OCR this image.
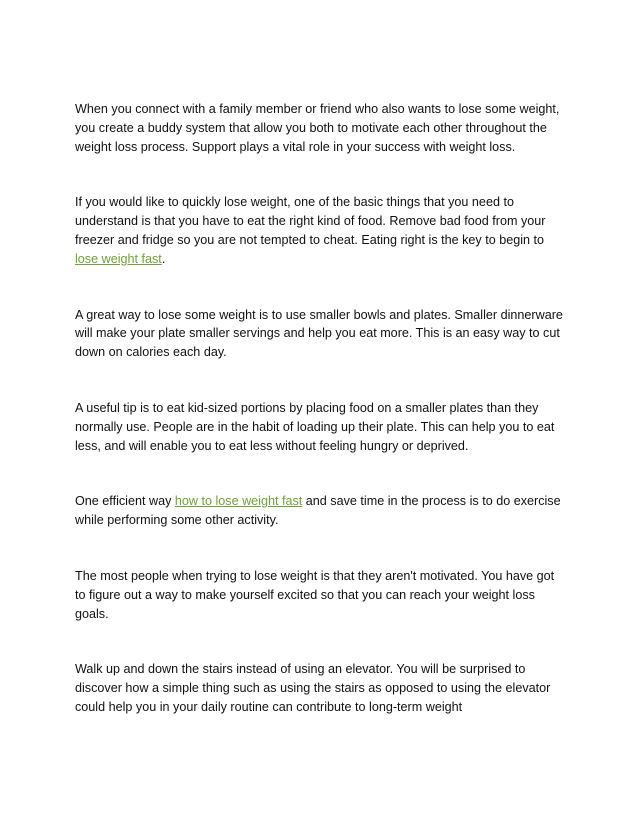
When you connect with a family member or friend who also wants to lose some weight, you create a buddy system that allow you both to motivate each other throughout the weight loss process. Support plays a vital role in your success with weight loss.

If you would like to quickly lose weight, one of the basic things that you need to understand is that you have to eat the right kind of food. Remove bad food from your freezer and fridge so you are not tempted to cheat. Eating right is the key to begin to lose weight fast.

A great way to lose some weight is to use smaller bowls and plates. Smaller dinnerware will make your plate smaller servings and help you eat more. This is an easy way to cut down on calories each day.

A useful tip is to eat kid-sized portions by placing food on a smaller plates than they normally use. People are in the habit of loading up their plate. This can help you to eat less, and will enable you to eat less without feeling hungry or deprived.

One efficient way how to lose weight fast and save time in the process is to do exercise while performing some other activity.

The most people when trying to lose weight is that they aren't motivated. You have got to figure out a way to make yourself excited so that you can reach your weight loss goals.

Walk up and down the stairs instead of using an elevator. You will be surprised to discover how a simple thing such as using the stairs as opposed to using the elevator could help you in your daily routine can contribute to long-term weight
